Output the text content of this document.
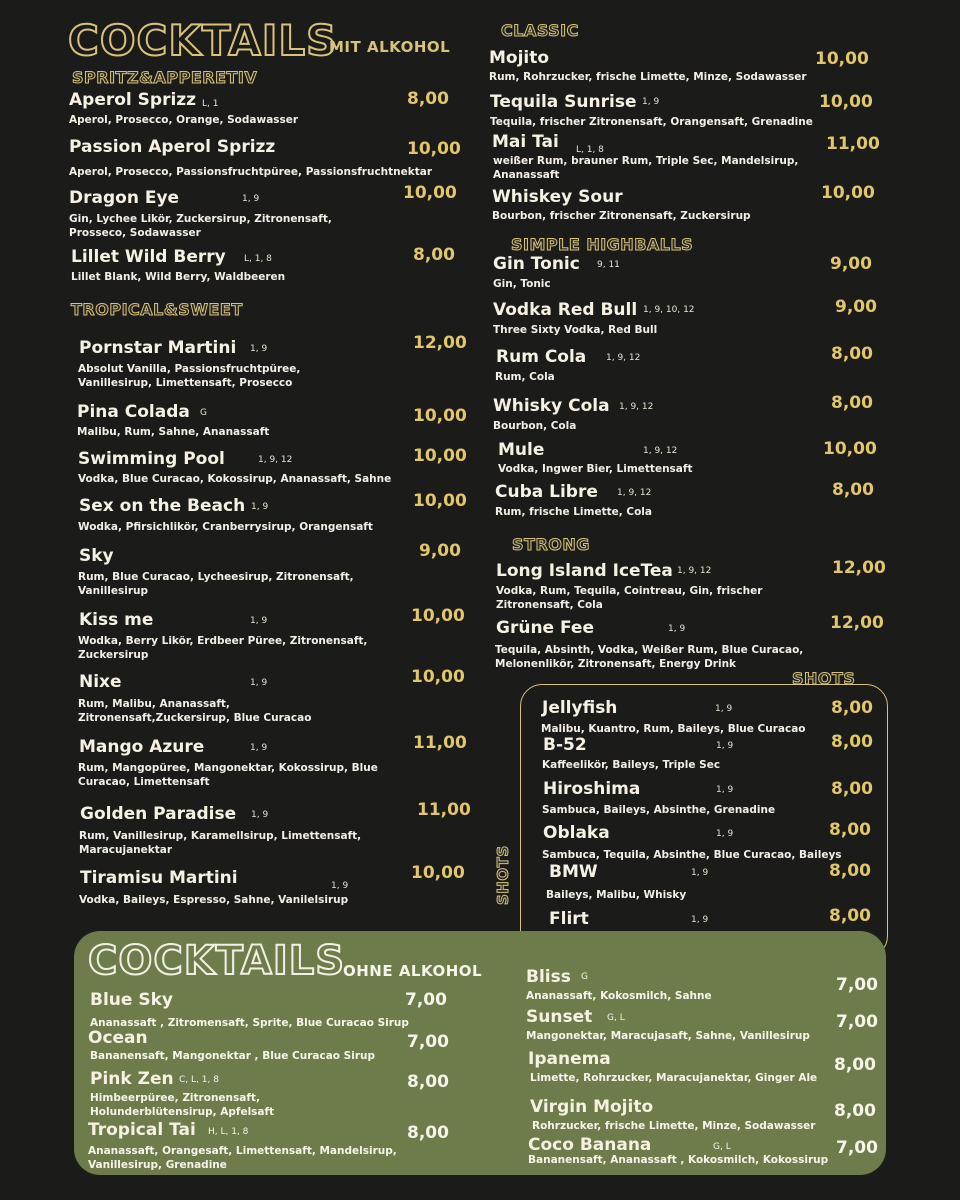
COCKTAILS
MIT ALKOHOL
SPRITZ&APPERETIV
Aperol Sprizz L, 1
Aperol, Prosecco, Orange, Sodawasser
8,00
Passion Aperol Sprizz
Aperol, Prosecco, Passionsfruchtpüree, Passionsfruchtnektar
10,00
Dragon Eye	1, 9
Gin, Lychee Likör, Zuckersirup, Zitronensaft, Prosseco, Sodawasser
10,00
Lillet Wild Berry L, 1, 8
Lillet Blank, Wild Berry, Waldbeeren
8,00
TROPICAL&SWEET
Pornstar Martini 1, 9
Absolut Vanilla, Passionsfruchtpüree, Vanillesirup, Limettensaft, Prosecco
12,00
Pina Colada G
Malibu, Rum, Sahne, Ananassaft
10,00
Swimming Pool	1, 9, 12
Vodka, Blue Curacao, Kokossirup, Ananassaft, Sahne
10,00
Sex on the Beach 1, 9
Wodka, Pfirsichlikör, Cranberrysirup, Orangensaft
10,00
Sky
Rum, Blue Curacao, Lycheesirup, Zitronensaft, Vanillesirup
9,00
Kiss me	1, 9
Wodka, Berry Likör, Erdbeer Püree, Zitronensaft, Zuckersirup
10,00
Nixe	1, 9
Rum, Malibu, Ananassaft, Zitronensaft,Zuckersirup, Blue Curacao
10,00
Mango Azure	1, 9
Rum, Mangopüree, Mangonektar, Kokossirup, Blue Curacao, Limettensaft
11,00
Golden Paradise 1, 9
Rum, Vanillesirup, Karamellsirup, Limettensaft, Maracujanektar
11,00
Tiramisu Martini	1, 9
Vodka, Baileys, Espresso, Sahne, Vanilelsirup
10,00
CLASSIC
Mojito
Rum, Rohrzucker, frische Limette, Minze, Sodawasser
10,00
Tequila Sunrise 1, 9
Tequila, frischer Zitronensaft, Orangensaft, Grenadine
10,00
Mai Tai L, 1, 8
weißer Rum, brauner Rum, Triple Sec, Mandelsirup, Ananassaft
11,00
Whiskey Sour
Bourbon, frischer Zitronensaft, Zuckersirup
10,00
SIMPLE HIGHBALLS
Gin Tonic 9, 11
Gin, Tonic
9,00
Vodka Red Bull 1, 9, 10, 12
Three Sixty Vodka, Red Bull
9,00
Rum Cola 1, 9, 12
Rum, Cola
8,00
Whisky Cola 1, 9, 12
Bourbon, Cola
8,00
Mule	1, 9, 12
Vodka, Ingwer Bier, Limettensaft
10,00
Cuba Libre 1, 9, 12
Rum, frische Limette, Cola
8,00
STRONG
Long Island IceTea 1, 9, 12
Vodka, Rum, Tequila, Cointreau, Gin, frischer Zitronensaft, Cola
12,00
Grüne Fee	1, 9
Tequila, Absinth, Vodka, Weißer Rum, Blue Curacao, Melonenlikör, Zitronensaft, Energy Drink
12,00
SHOTS
SHOTS
Jellyfish	1, 9
Malibu, Kuantro, Rum, Baileys, Blue Curacao
8,00
B-52	1, 9
Kaffeelikör, Baileys, Triple Sec
8,00
Hiroshima	1, 9
Sambuca, Baileys, Absinthe, Grenadine
8,00
Oblaka	1, 9
Sambuca, Tequila, Absinthe, Blue Curacao, Baileys
8,00
BMW	1, 9
Baileys, Malibu, Whisky
8,00
Flirt	1, 9	8,00
COCKTAILS
OHNE ALKOHOL
Blue Sky
Ananassaft , Zitromensaft, Sprite, Blue Curacao Sirup
7,00
Ocean
Bananensaft, Mangonektar , Blue Curacao Sirup
7,00
Pink Zen C, L, 1, 8
Himbeerpüree, Zitronensaft, Holunderblütensirup, Apfelsaft
8,00
Tropical Tai H, L, 1, 8
Ananassaft, Orangesaft, Limettensaft, Mandelsirup, Vanillesirup, Grenadine
8,00
Bliss G
Ananassaft, Kokosmilch, Sahne
7,00
Sunset G, L
Mangonektar, Maracujasaft, Sahne, Vanillesirup
7,00
Ipanema
Limette, Rohrzucker, Maracujanektar, Ginger Ale
8,00
Virgin Mojito
Rohrzucker, frische Limette, Minze, Sodawasser
8,00
Coco Banana	G, L
Bananensaft, Ananassaft , Kokosmilch, Kokossirup
7,00
